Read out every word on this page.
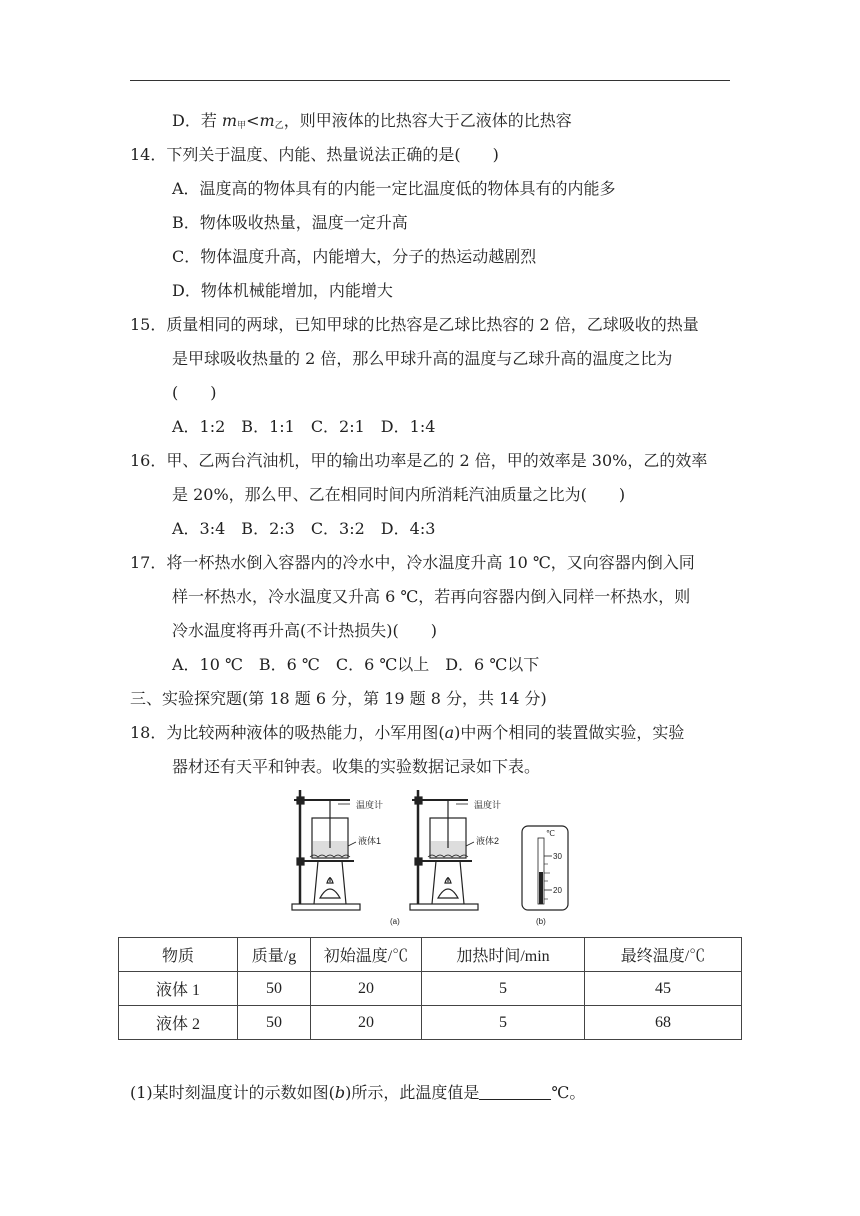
D．若 $m_甲<m_乙$，则甲液体的比热容大于乙液体的比热容
14．下列关于温度、内能、热量说法正确的是(　　)
A．温度高的物体具有的内能一定比温度低的物体具有的内能多
B．物体吸收热量，温度一定升高
C．物体温度升高，内能增大，分子的热运动越剧烈
D．物体机械能增加，内能增大
15．质量相同的两球，已知甲球的比热容是乙球比热容的 2 倍，乙球吸收的热量
是甲球吸收热量的 2 倍，那么甲球升高的温度与乙球升高的温度之比为
(　　)
A．1:2　B．1:1　C．2:1　D．1:4
16．甲、乙两台汽油机，甲的输出功率是乙的 2 倍，甲的效率是 30%，乙的效率
是 20%，那么甲、乙在相同时间内所消耗汽油质量之比为(　　)
A．3:4　B．2:3　C．3:2　D．4:3
17．将一杯热水倒入容器内的冷水中，冷水温度升高 10 ℃，又向容器内倒入同
样一杯热水，冷水温度又升高 6 ℃，若再向容器内倒入同样一杯热水，则
冷水温度将再升高(不计热损失)(　　)
A．10 ℃　B．6 ℃　C．6 ℃以上　D．6 ℃以下
三、实验探究题(第 18 题 6 分，第 19 题 8 分，共 14 分)
18．为比较两种液体的吸热能力，小军用图(a)中两个相同的装置做实验，实验
器材还有天平和钟表。收集的实验数据记录如下表。
温度计
液体1
温度计
液体2
℃
30
20
(a)	(b)
物质	质量/g	初始温度/℃	加热时间/min	最终温度/℃
液体 1	50	20	5	45
液体 2	50	20	5	68
(1)某时刻温度计的示数如图(b)所示，此温度值是	℃。
